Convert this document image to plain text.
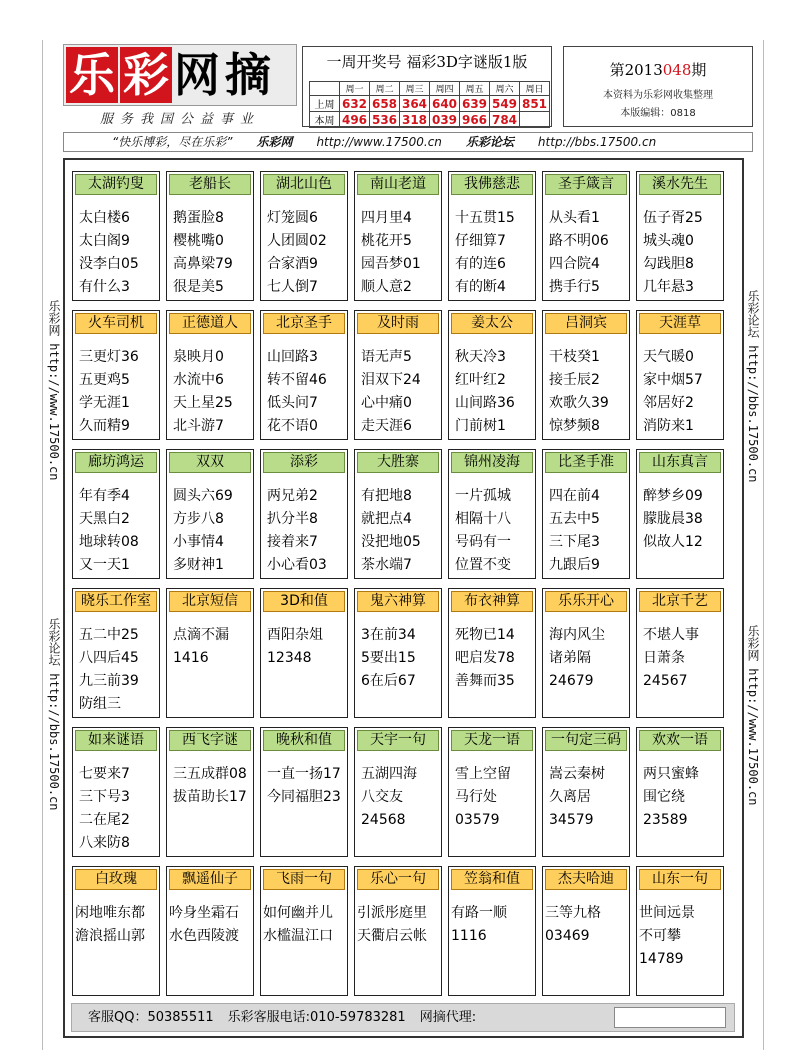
乐 彩 网 摘
服务我国公益事业
一周开奖号 福彩3D字谜版1版
	周一	周二	周三	周四	周五	周六	周日
上周	632	658	364	640	639	549	851
本周	496	536	318	039	966	784	
第2013048期
本资料为乐彩网收集整理
本版编辑：0818
“快乐博彩，尽在乐彩” 乐彩网 http://www.17500.cn 乐彩论坛 http://bbs.17500.cn
乐彩网 http://www.17500.cn
乐彩论坛 http://bbs.17500.cn
乐彩论坛 http://bbs.17500.cn
乐彩网 http://www.17500.cn
太湖钓叟
太白楼6
太白阁9
没李白05
有什么3
老船长
鹅蛋脸8
樱桃嘴0
高鼻梁79
很是美5
湖北山色
灯笼圆6
人团圆02
合家酒9
七人倒7
南山老道
四月里4
桃花开5
园吾梦01
顺人意2
我佛慈悲
十五贯15
仔细算7
有的连6
有的断4
圣手箴言
从头看1
路不明06
四合院4
携手行5
溪水先生
伍子胥25
城头魂0
勾践胆8
几年悬3
火车司机
三更灯36
五更鸡5
学无涯1
久而精9
正德道人
泉映月0
水流中6
天上星25
北斗游7
北京圣手
山回路3
转不留46
低头问7
花不语0
及时雨
语无声5
泪双下24
心中痛0
走天涯6
姜太公
秋天冷3
红叶红2
山间路36
门前树1
吕洞宾
干枝癸1
接壬辰2
欢歌久39
惊梦频8
天涯草
天气暖0
家中烟57
邻居好2
消防来1
廊坊鸿运
年有季4
天黑白2
地球转08
又一天1
双双
圆头六69
方步八8
小事情4
多财神1
添彩
两兄弟2
扒分半8
接着来7
小心看03
大胜寨
有把地8
就把点4
没把地05
茶水端7
锦州凌海
一片孤城
相隔十八
号码有一
位置不变
比圣手准
四在前4
五去中5
三下尾3
九跟后9
山东真言
醉梦乡09
朦胧晨38
似故人12
晓乐工作室
五二中25
八四后45
九三前39
防组三
北京短信
点滴不漏
1416
3D和值
酉阳杂俎
12348
鬼六神算
3在前34
5要出15
6在后67
布衣神算
死物已14
吧启发78
善舞而35
乐乐开心
海内风尘
诸弟隔
24679
北京千艺
不堪人事
日萧条
24567
如来谜语
七要来7
三下号3
二在尾2
八来防8
西飞字谜
三五成群08
拔苗助长17
晚秋和值
一直一扬17
今同福胆23
天宇一句
五湖四海
八交友
24568
天龙一语
雪上空留
马行处
03579
一句定三码
嵩云秦树
久离居
34579
欢欢一语
两只蜜蜂
围它绕
23589
白玫瑰
闲地唯东都
澹浪摇山郭
飘遥仙子
吟身坐霜石
水色西陵渡
飞雨一句
如何幽并儿
水槛温江口
乐心一句
引派彤庭里
天衢启云帐
笠翁和值
有路一顺
1116
杰夫哈迪
三等九格
03469
山东一句
世间远景
不可攀
14789
客服QQ：50385511 乐彩客服电话:010-59783281 网摘代理:
